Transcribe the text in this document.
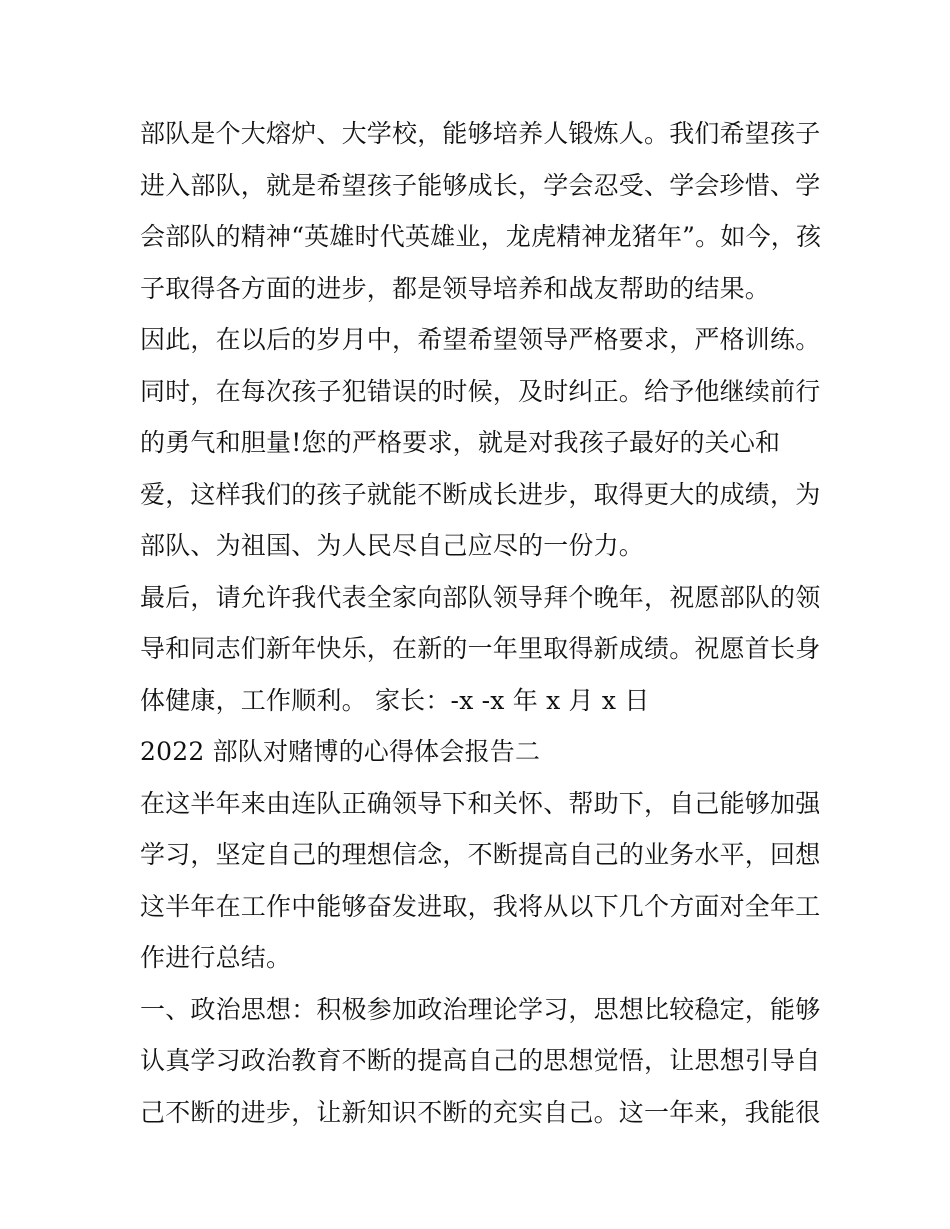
部队是个大熔炉、大学校，能够培养人锻炼人。我们希望孩子
进入部队，就是希望孩子能够成长，学会忍受、学会珍惜、学
会部队的精神“英雄时代英雄业，龙虎精神龙猪年”。如今，孩
子取得各方面的进步，都是领导培养和战友帮助的结果。
因此，在以后的岁月中，希望希望领导严格要求，严格训练。
同时，在每次孩子犯错误的时候，及时纠正。给予他继续前行
的勇气和胆量!您的严格要求，就是对我孩子最好的关心和
爱，这样我们的孩子就能不断成长进步，取得更大的成绩，为
部队、为祖国、为人民尽自己应尽的一份力。
最后，请允许我代表全家向部队领导拜个晚年，祝愿部队的领
导和同志们新年快乐，在新的一年里取得新成绩。祝愿首长身
体健康，工作顺利。 家长：-x -x 年 x 月 x 日
2022 部队对赌博的心得体会报告二
在这半年来由连队正确领导下和关怀、帮助下，自己能够加强
学习，坚定自己的理想信念，不断提高自己的业务水平，回想
这半年在工作中能够奋发进取，我将从以下几个方面对全年工
作进行总结。
一、政治思想：积极参加政治理论学习，思想比较稳定，能够
认真学习政治教育不断的提高自己的思想觉悟，让思想引导自
己不断的进步，让新知识不断的充实自己。这一年来，我能很
